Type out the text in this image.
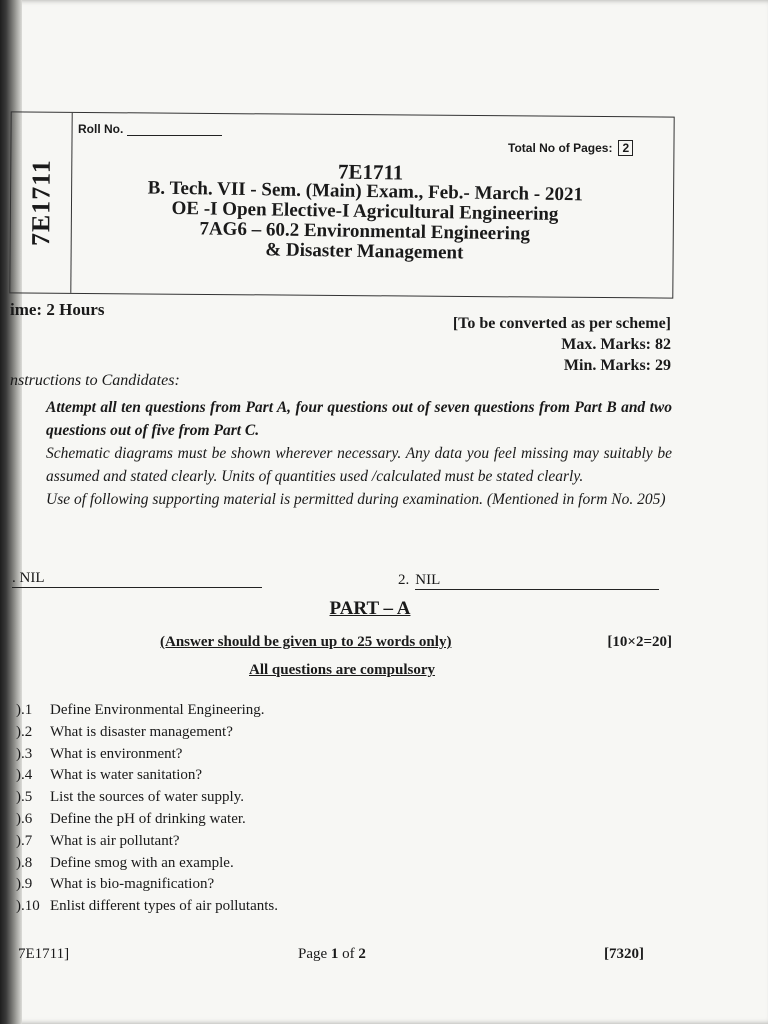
7E1711
Roll No.
Total No of Pages: 2
7E1711
B. Tech. VII - Sem. (Main) Exam., Feb.- March - 2021
OE -I Open Elective-I Agricultural Engineering
7AG6 – 60.2 Environmental Engineering
& Disaster Management
ime: 2 Hours
[To be converted as per scheme]
Max. Marks: 82
Min. Marks: 29
nstructions to Candidates:

Attempt all ten questions from Part A, four questions out of seven questions from Part B and two questions out of five from Part C.

Schematic diagrams must be shown wherever necessary. Any data you feel missing may suitably be assumed and stated clearly. Units of quantities used /calculated must be stated clearly.

Use of following supporting material is permitted during examination. (Mentioned in form No. 205)

. NIL	2. NIL
PART – A
(Answer should be given up to 25 words only)	[10×2=20]
All questions are compulsory
).1 Define Environmental Engineering.
).2 What is disaster management?
).3 What is environment?
).4 What is water sanitation?
).5 List the sources of water supply.
).6 Define the pH of drinking water.
).7 What is air pollutant?
).8 Define smog with an example.
).9 What is bio-magnification?
).10 Enlist different types of air pollutants.
7E1711]	Page 1 of 2	[7320]
